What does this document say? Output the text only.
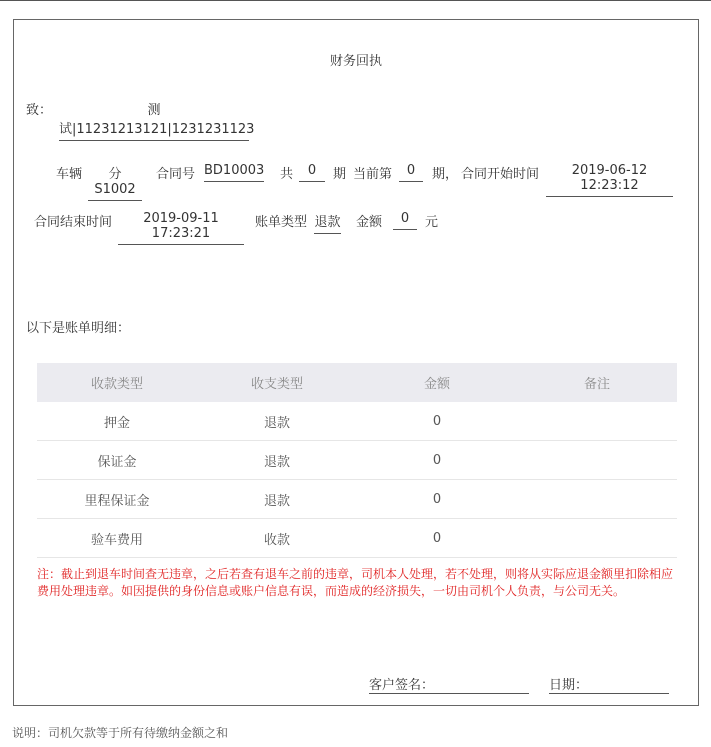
财务回执
致：	测试|11231213121|1231231123
车辆	分S1002
合同号 BD10003 共	0	期 当前第	0	期， 合同开始时间	2019-06-12 12:23:12
合同结束时间	2019-09-11 17:23:21
账单类型 退款 金额	0	元
以下是账单明细：
收款类型	收支类型	金额	备注
押金	退款	0	
保证金	退款	0	
里程保证金	退款	0	
验车费用	收款	0	
注：截止到退车时间查无违章，之后若查有退车之前的违章，司机本人处理，若不处理，则将从实际应退金额里扣除相应费用处理违章。如因提供的身份信息或账户信息有误，而造成的经济损失，一切由司机个人负责，与公司无关。
客户签名：	日期：
说明：司机欠款等于所有待缴纳金额之和
